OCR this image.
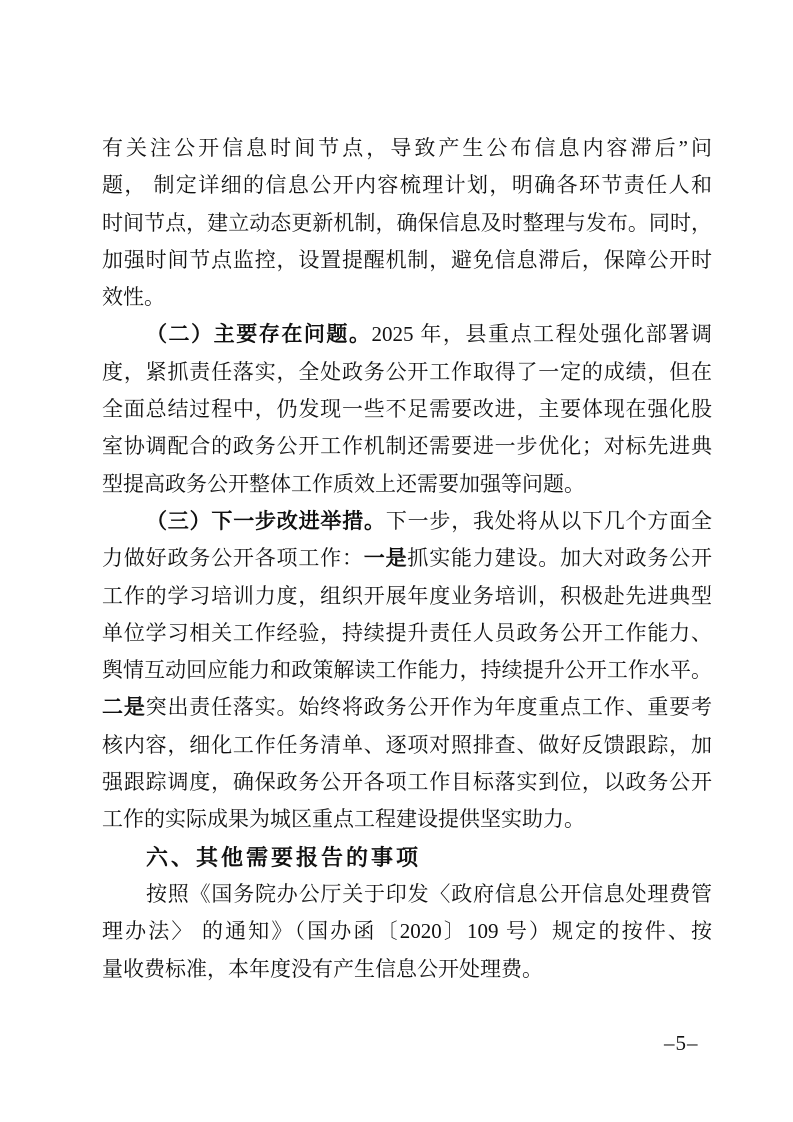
有关注公开信息时间节点，导致产生公布信息内容滞后”问
题， 制定详细的信息公开内容梳理计划，明确各环节责任人和
时间节点，建立动态更新机制，确保信息及时整理与发布。同时，
加强时间节点监控，设置提醒机制，避免信息滞后，保障公开时
效性。
（二）主要存在问题。2025 年，县重点工程处强化部署调
度，紧抓责任落实，全处政务公开工作取得了一定的成绩，但在
全面总结过程中，仍发现一些不足需要改进，主要体现在强化股
室协调配合的政务公开工作机制还需要进一步优化；对标先进典
型提高政务公开整体工作质效上还需要加强等问题。
（三）下一步改进举措。下一步，我处将从以下几个方面全
力做好政务公开各项工作：一是抓实能力建设。加大对政务公开
工作的学习培训力度，组织开展年度业务培训，积极赴先进典型
单位学习相关工作经验，持续提升责任人员政务公开工作能力、
舆情互动回应能力和政策解读工作能力，持续提升公开工作水平。
二是突出责任落实。始终将政务公开作为年度重点工作、重要考
核内容，细化工作任务清单、逐项对照排查、做好反馈跟踪，加
强跟踪调度，确保政务公开各项工作目标落实到位，以政务公开
工作的实际成果为城区重点工程建设提供坚实助力。
六、其他需要报告的事项
按照《国务院办公厅关于印发〈政府信息公开信息处理费管
理办法〉 的通知》（国办函〔2020〕109 号）规定的按件、按
量收费标准，本年度没有产生信息公开处理费。
–5–
